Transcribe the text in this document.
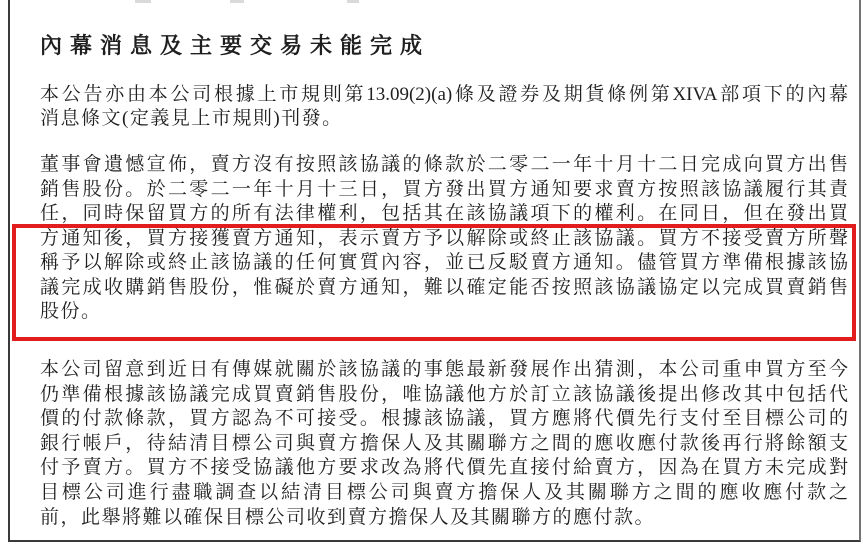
內幕消息及主要交易未能完成
本公告亦由本公司根據上市規則第13.09(2)(a)條及證券及期貨條例第XIVA部項下的內幕
消息條文(定義見上市規則)刊發。
董事會遺憾宣佈，賣方沒有按照該協議的條款於二零二一年十月十二日完成向買方出售
銷售股份。於二零二一年十月十三日，買方發出買方通知要求賣方按照該協議履行其責
任，同時保留買方的所有法律權利，包括其在該協議項下的權利。在同日，但在發出買
方通知後，買方接獲賣方通知，表示賣方予以解除或終止該協議。買方不接受賣方所聲
稱予以解除或終止該協議的任何實質內容，並已反駁賣方通知。儘管買方準備根據該協
議完成收購銷售股份，惟礙於賣方通知，難以確定能否按照該協議協定以完成買賣銷售
股份。
本公司留意到近日有傳媒就關於該協議的事態最新發展作出猜測，本公司重申買方至今
仍準備根據該協議完成買賣銷售股份，唯協議他方於訂立該協議後提出修改其中包括代
價的付款條款，買方認為不可接受。根據該協議，買方應將代價先行支付至目標公司的
銀行帳戶，待結清目標公司與賣方擔保人及其關聯方之間的應收應付款後再行將餘額支
付予賣方。買方不接受協議他方要求改為將代價先直接付給賣方，因為在買方未完成對
目標公司進行盡職調查以結清目標公司與賣方擔保人及其關聯方之間的應收應付款之
前，此舉將難以確保目標公司收到賣方擔保人及其關聯方的應付款。
